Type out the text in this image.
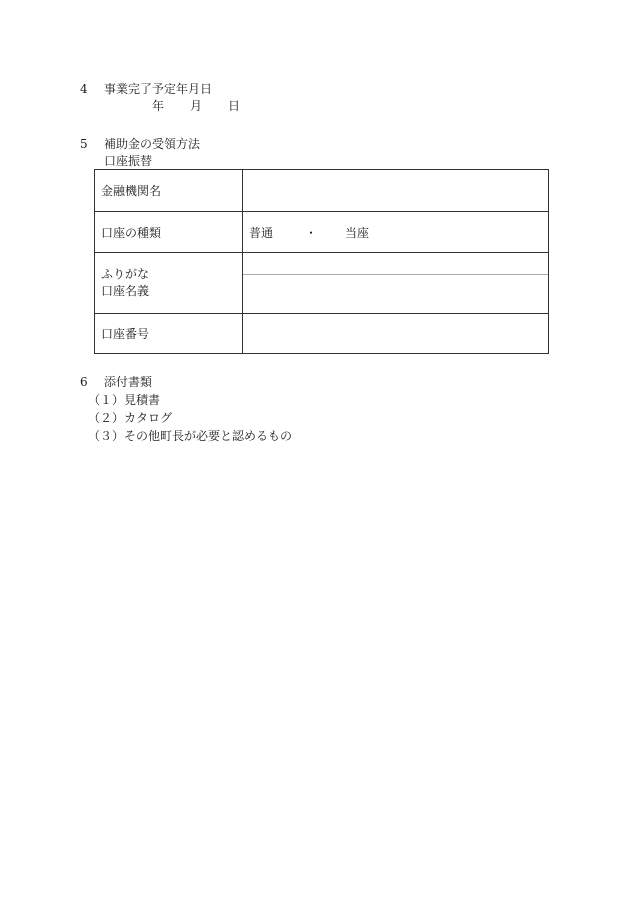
4 事業完了予定年月日
年 月 日
5 補助金の受領方法
口座振替
金融機関名	
口座の種類	普通 ・ 当座

ふりがな
口座名義	

口座番号	
6 添付書類
（１）見積書
（２）カタログ
（３）その他町長が必要と認めるもの
